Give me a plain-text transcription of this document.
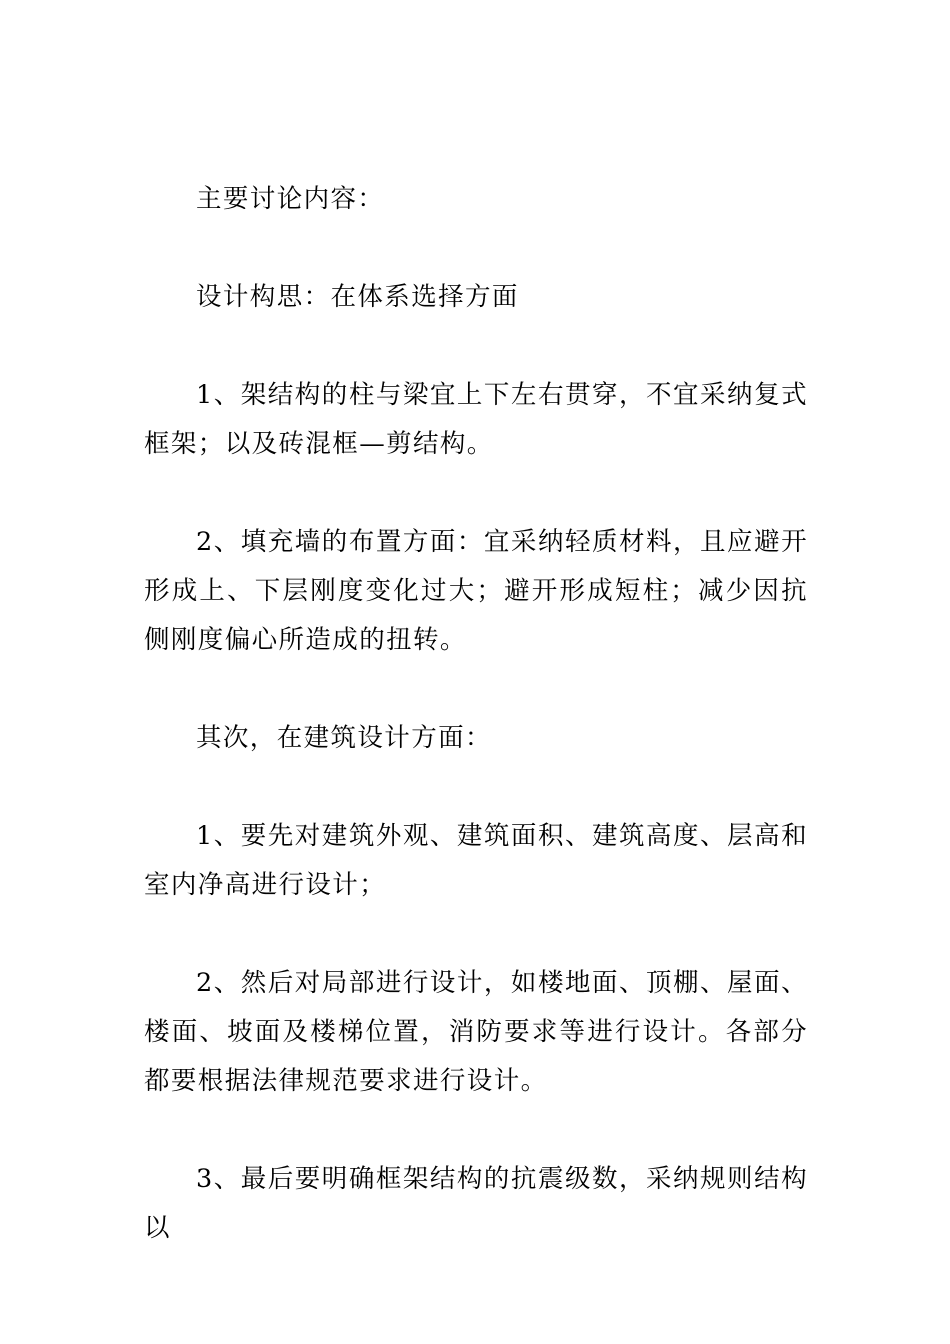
主要讨论内容：

设计构思：在体系选择方面

1、架结构的柱与梁宜上下左右贯穿，不宜采纳复式框架；以及砖混框—剪结构。

2、填充墙的布置方面：宜采纳轻质材料，且应避开形成上、下层刚度变化过大；避开形成短柱；减少因抗侧刚度偏心所造成的扭转。

其次，在建筑设计方面：

1、要先对建筑外观、建筑面积、建筑高度、层高和室内净高进行设计；

2、然后对局部进行设计，如楼地面、顶棚、屋面、楼面、坡面及楼梯位置，消防要求等进行设计。各部分都要根据法律规范要求进行设计。

3、最后要明确框架结构的抗震级数，采纳规则结构以
